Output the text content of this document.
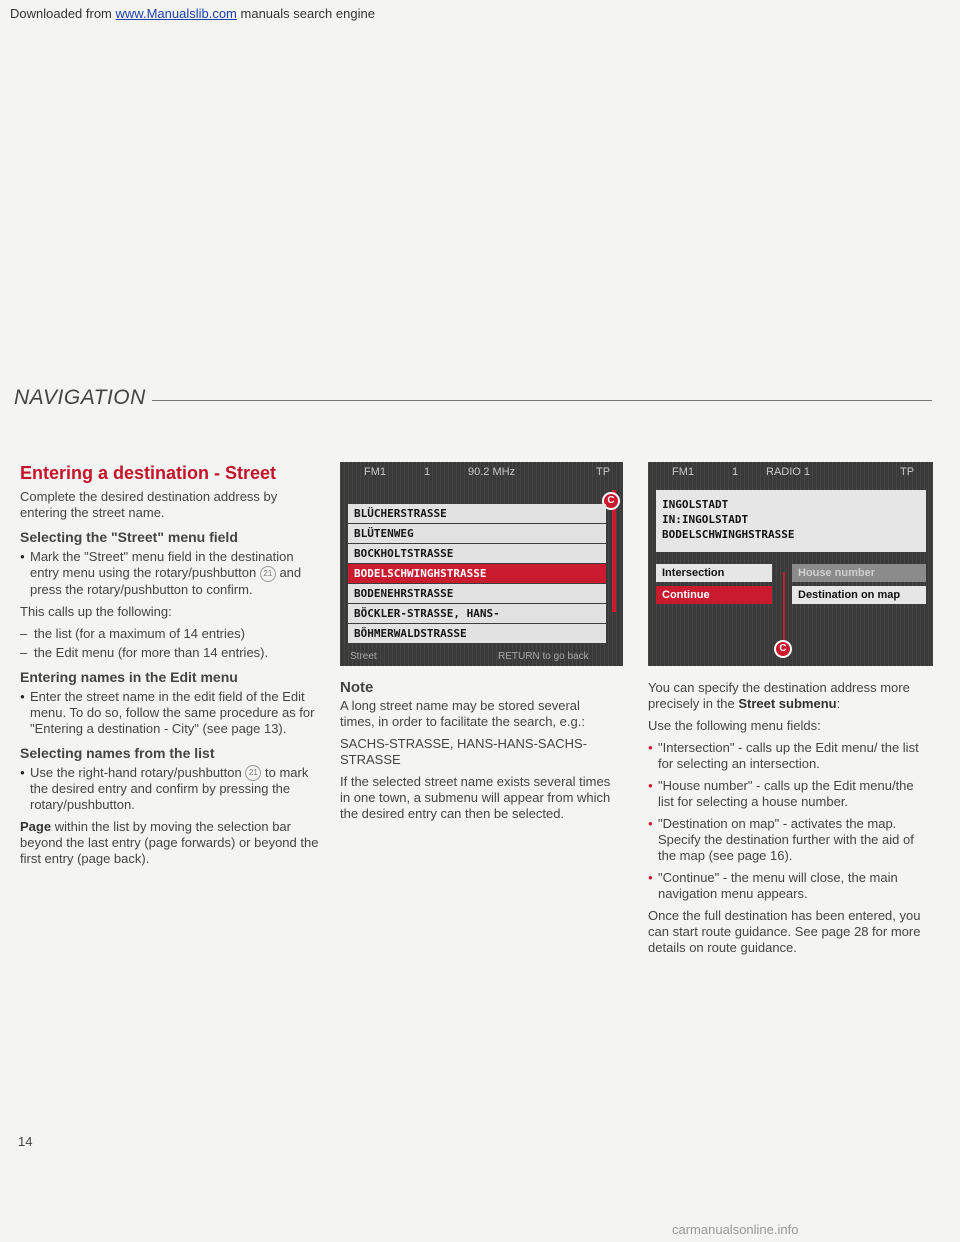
Downloaded from www.Manualslib.com manuals search engine
NAVIGATION
Entering a destination - Street

Complete the desired destination address by entering the street name.

Selecting the "Street" menu field
● Mark the "Street" menu field in the destination entry menu using the rotary/pushbutton 21 and press the rotary/pushbutton to confirm.

This calls up the following:

– the list (for a maximum of 14 entries)
– the Edit menu (for more than 14 entries).
Entering names in the Edit menu
● Enter the street name in the edit field of the Edit menu. To do so, follow the same procedure as for "Entering a destination - City" (see page 13).
Selecting names from the list
● Use the right-hand rotary/pushbutton 21 to mark the desired entry and confirm by pressing the rotary/pushbutton.

Page within the list by moving the selection bar beyond the last entry (page forwards) or beyond the first entry (page back).

FM1	1	90.2 MHz	TP
C
BLÜCHERSTRASSE
BLÜTENWEG
BOCKHOLTSTRASSE
BODELSCHWINGHSTRASSE
BODENEHRSTRASSE
BÖCKLER-STRASSE, HANS-
BÖHMERWALDSTRASSE
Street	RETURN to go back
Note

A long street name may be stored several times, in order to facilitate the search, e.g.:

SACHS-STRASSE, HANS-HANS-SACHS-STRASSE

If the selected street name exists several times in one town, a submenu will appear from which the desired entry can then be selected.

FM1	1	RADIO 1	TP
INGOLSTADT
IN:INGOLSTADT
BODELSCHWINGHSTRASSE
Intersection
Continue
House number
Destination on map
C

You can specify the destination address more precisely in the Street submenu:

Use the following menu fields:

● "Intersection" - calls up the Edit menu/ the list for selecting an intersection.
● "House number" - calls up the Edit menu/the list for selecting a house number.
● "Destination on map" - activates the map. Specify the destination further with the aid of the map (see page 16).
● "Continue" - the menu will close, the main navigation menu appears.

Once the full destination has been entered, you can start route guidance. See page 28 for more details on route guidance.

14
carmanualsonline.info
